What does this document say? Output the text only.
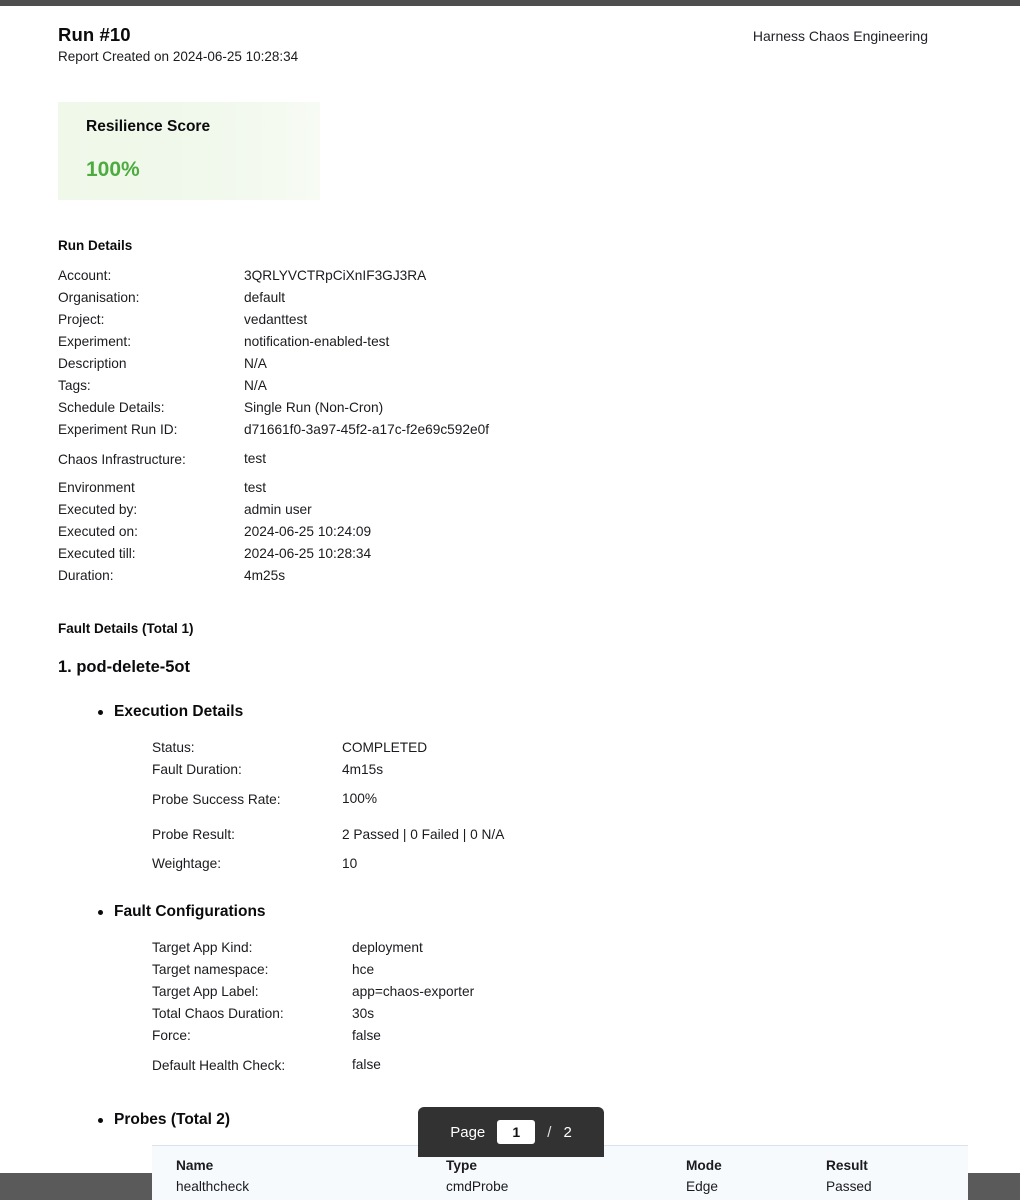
Run #10
Report Created on 2024-06-25 10:28:34
Harness Chaos Engineering
Resilience Score
100%
Run Details
Account:	3QRLYVCTRpCiXnIF3GJ3RA
Organisation:	default
Project:	vedanttest
Experiment:	notification-enabled-test
Description	N/A
Tags:	N/A
Schedule Details:	Single Run (Non-Cron)
Experiment Run ID:	d71661f0-3a97-45f2-a17c-f2e69c592e0f
Chaos Infrastructure:	test
Environment	test
Executed by:	admin user
Executed on:	2024-06-25 10:24:09
Executed till:	2024-06-25 10:28:34
Duration:	4m25s
Fault Details (Total 1)
1. pod-delete-5ot
Execution Details
Status:	COMPLETED
Fault Duration:	4m15s
Probe Success Rate:	100%
Probe Result:	2 Passed | 0 Failed | 0 N/A
Weightage:	10
Fault Configurations
Target App Kind:	deployment
Target namespace:	hce
Target App Label:	app=chaos-exporter
Total Chaos Duration:	30s
Force:	false
Default Health Check:	false
Probes (Total 2)
Name	Type	Mode	Result
healthcheck	cmdProbe	Edge	Passed
Page
1	/ 2
